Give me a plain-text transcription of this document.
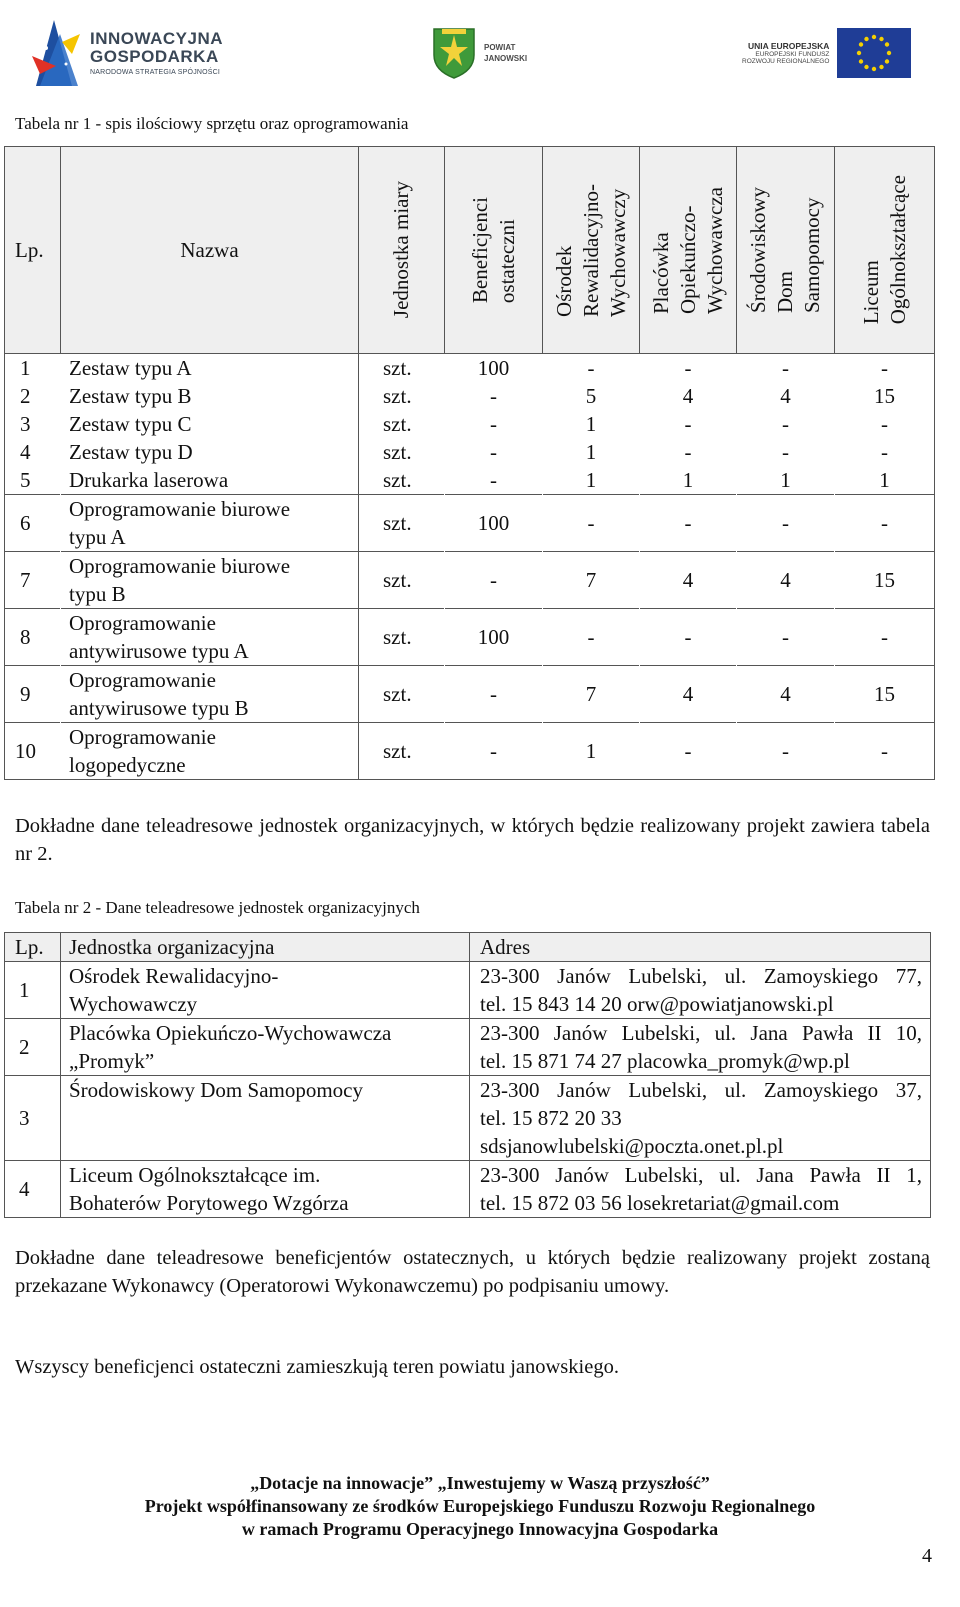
INNOWACYJNA
GOSPODARKA
NARODOWA STRATEGIA SPÓJNOŚCI
POWIAT
JANOWSKI
UNIA EUROPEJSKA
EUROPEJSKI FUNDUSZ
ROZWOJU REGIONALNEGO
Tabela nr 1 - spis ilościowy sprzętu oraz oprogramowania
Lp.	Nazwa	Jednostka miary	Beneficjenci
ostateczni	Ośrodek
Rewalidacyjno-
Wychowawczy	Placówka
Opiekuńczo-
Wychowawcza	Środowiskowy
Dom
Samopomocy	Liceum
Ogólnokształcące

1	Zestaw typu A	szt.	100	-	-	-	-
2	Zestaw typu B	szt.	-	5	4	4	15
3	Zestaw typu C	szt.	-	1	-	-	-
4	Zestaw typu D	szt.	-	1	-	-	-
5	Drukarka laserowa	szt.	-	1	1	1	1
6	Oprogramowanie biurowe
typu A	szt.	100	-	-	-	-
7	Oprogramowanie biurowe
typu B	szt.	-	7	4	4	15
8	Oprogramowanie
antywirusowe typu A	szt.	100	-	-	-	-
9	Oprogramowanie
antywirusowe typu B	szt.	-	7	4	4	15
10	Oprogramowanie
logopedyczne	szt.	-	1	-	-	-
Dokładne dane teleadresowe jednostek organizacyjnych, w których będzie realizowany projekt zawiera tabela nr 2.
Tabela nr 2 - Dane teleadresowe jednostek organizacyjnych
Lp.	Jednostka organizacyjna	Adres
1	Ośrodek Rewalidacyjno-
Wychowawczy	23-300 Janów Lubelski, ul. Zamoyskiego 77,
tel. 15 843 14 20 orw@powiatjanowski.pl

2	Placówka Opiekuńczo-Wychowawcza
„Promyk”	23-300 Janów Lubelski, ul. Jana Pawła II 10,
tel. 15 871 74 27 placowka_promyk@wp.pl

3	Środowiskowy Dom Samopomocy	23-300 Janów Lubelski, ul. Zamoyskiego 37,
tel. 15 872 20 33
sdsjanowlubelski@poczta.onet.pl.pl

4	Liceum Ogólnokształcące im.
Bohaterów Porytowego Wzgórza	23-300 Janów Lubelski, ul. Jana Pawła II 1,
tel. 15 872 03 56 losekretariat@gmail.com
Dokładne dane teleadresowe beneficjentów ostatecznych, u których będzie realizowany projekt zostaną przekazane Wykonawcy (Operatorowi Wykonawczemu) po podpisaniu umowy.
Wszyscy beneficjenci ostateczni zamieszkują teren powiatu janowskiego.
„Dotacje na innowacje” „Inwestujemy w Waszą przyszłość”
Projekt współfinansowany ze środków Europejskiego Funduszu Rozwoju Regionalnego
w ramach Programu Operacyjnego Innowacyjna Gospodarka
4
